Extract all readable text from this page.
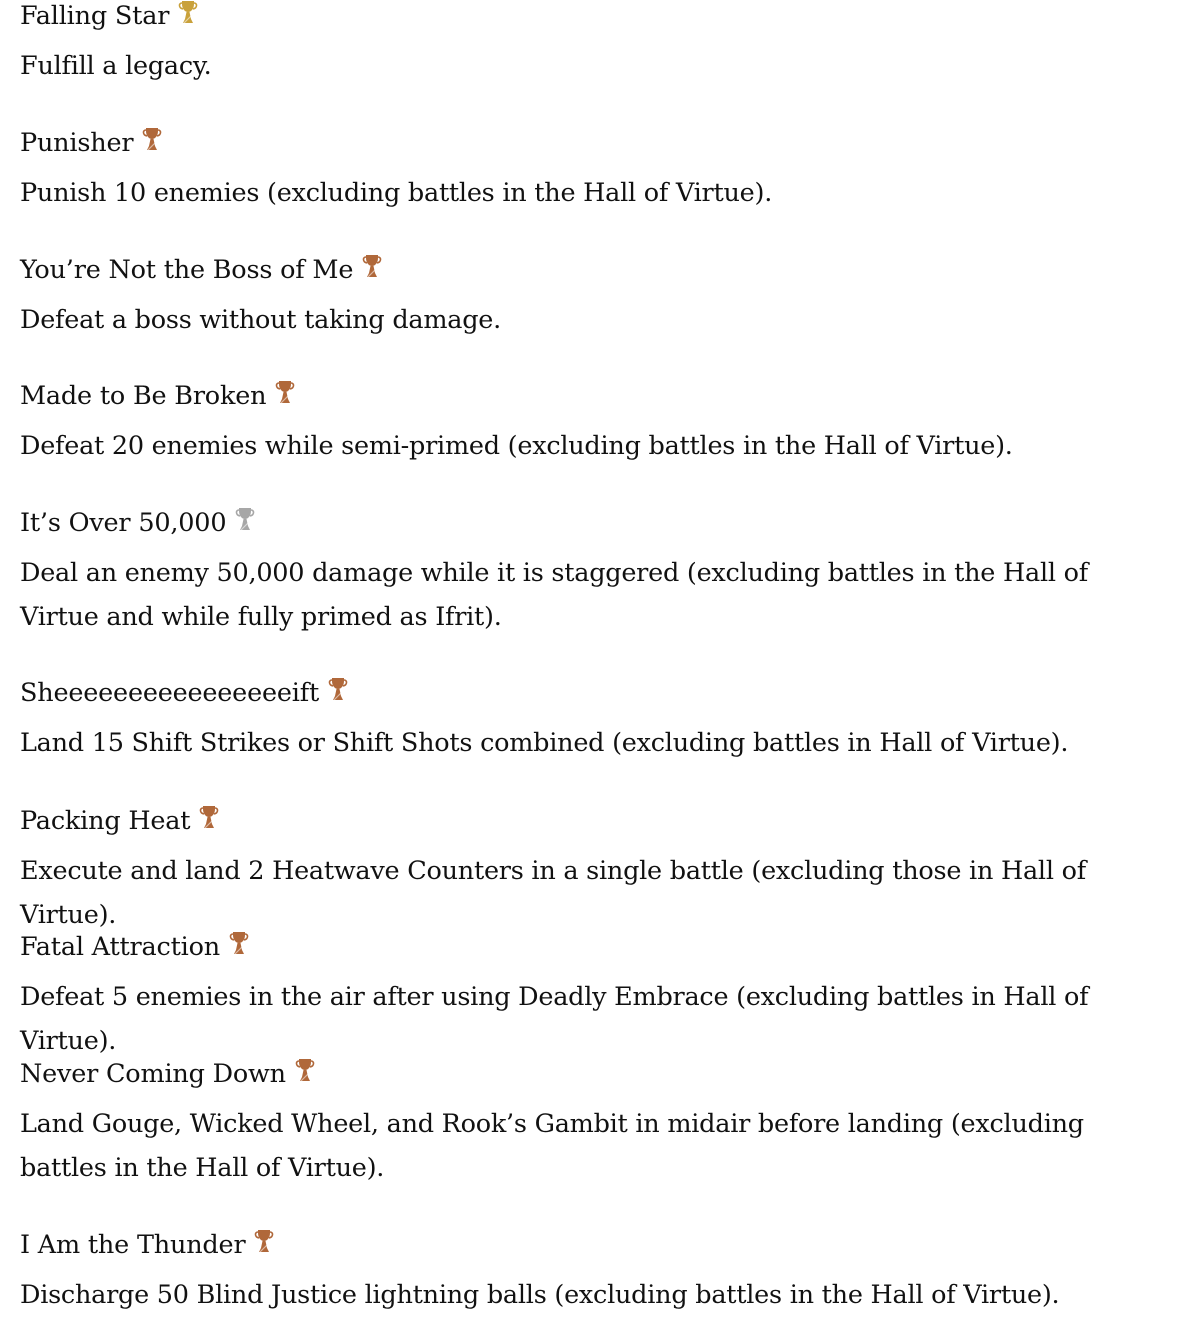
Falling Star
Fulfill a legacy.
Punisher
Punish 10 enemies (excluding battles in the Hall of Virtue).
You’re Not the Boss of Me
Defeat a boss without taking damage.
Made to Be Broken
Defeat 20 enemies while semi-primed (excluding battles in the Hall of Virtue).
It’s Over 50,000
Deal an enemy 50,000 damage while it is staggered (excluding battles in the Hall of Virtue and while fully primed as Ifrit).
Sheeeeeeeeeeeeeeeeift
Land 15 Shift Strikes or Shift Shots combined (excluding battles in Hall of Virtue).
Packing Heat
Execute and land 2 Heatwave Counters in a single battle (excluding those in Hall of Virtue).
Fatal Attraction
Defeat 5 enemies in the air after using Deadly Embrace (excluding battles in Hall of Virtue).
Never Coming Down
Land Gouge, Wicked Wheel, and Rook’s Gambit in midair before landing (excluding battles in the Hall of Virtue).
I Am the Thunder
Discharge 50 Blind Justice lightning balls (excluding battles in the Hall of Virtue).
